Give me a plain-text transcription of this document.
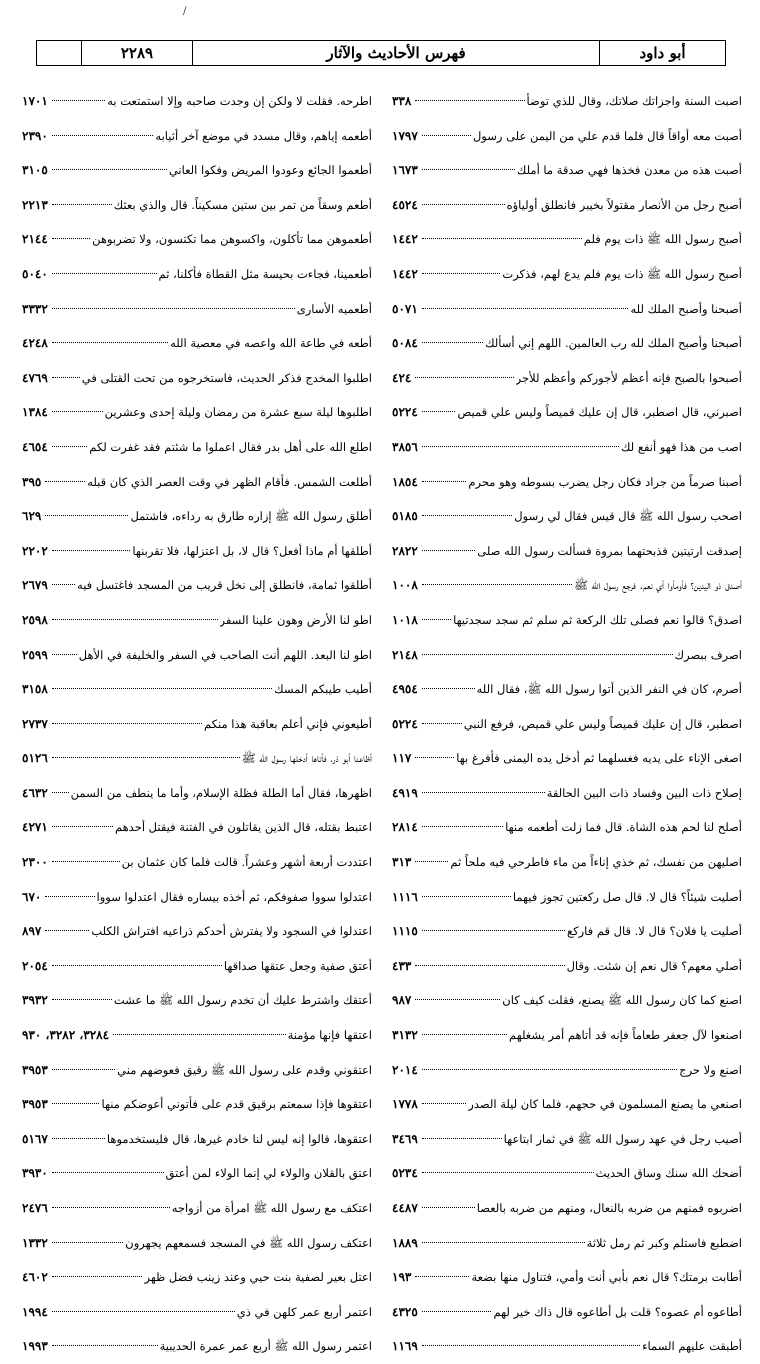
/
٢٢٨٩	فهرس الأحاديث والآثار	أبو داود
١٧٠١	اطرحه. فقلت لا ولكن إن وجدت صاحبه وإلا استمتعت به
٢٣٩٠	أطعمه إياهم، وقال مسدد في موضع آخر أثيابه
٣١٠٥	أطعموا الجائع وعودوا المريض وفكوا العاني
٢٢١٣	أطعم وسقاً من تمر بين ستين مسكيناً. قال والذي بعثك
٢١٤٤	أطعموهن مما تأكلون، واكسوهن مما تكتسون، ولا تضربوهن
٥٠٤٠	أطعمينا، فجاءت بحيسة مثل القطاة فأكلنا، ثم
٣٣٣٢	أطعميه الأسارى
٤٢٤٨	أطعه في طاعة الله واعصه في معصية الله
٤٧٦٩	اطلبوا المخدج فذكر الحديث، فاستخرجوه من تحت القتلى في
١٣٨٤	اطلبوها ليلة سبع عشرة من رمضان وليلة إحدى وعشرين
٤٦٥٤	اطلع الله على أهل بدر فقال اعملوا ما شئتم فقد غفرت لكم
٣٩٥	أطلعت الشمس. فأقام الظهر في وقت العصر الذي كان قبله
٦٢٩	أطلق رسول الله ﷺ إزاره طارق به رداءه، فاشتمل
٢٢٠٢	أطلقها أم ماذا أفعل؟ قال لا، بل اعتزلها، فلا تقربنها
٢٦٧٩	أطلقوا ثمامة، فانطلق إلى نخل قريب من المسجد فاغتسل فيه
٢٥٩٨	اطو لنا الأرض وهون علينا السفر
٢٥٩٩	اطو لنا البعد. اللهم أنت الصاحب في السفر والخليفة في الأهل
٣١٥٨	أطيب طيبكم المسك
٢٧٣٧	أطيعوني فإني أعلم بعاقبة هذا منكم
٥١٢٦	أظاعنا أبو ذر، فأتاها أدخلها رسول الله ﷺ
٤٦٣٢ اظهرها، فقال أما الطلة فظلة الإسلام، وأما ما ينطف من السمن
٤٢٧١	اعتبط بقتله، قال الذين يقاتلون في الفتنة فيقتل أحدهم
٢٣٠٠	اعتددت أربعة أشهر وعشراً. قالت فلما كان عثمان بن
٦٧٠	اعتدلوا سووا صفوفكم، ثم أخذه بيساره فقال اعتدلوا سووا
٨٩٧	اعتدلوا في السجود ولا يفترش أحدكم ذراعيه افتراش الكلب
٢٠٥٤	أعتق صفية وجعل عتقها صداقها
٣٩٣٢	أعتقك واشترط عليك أن تخدم رسول الله ﷺ ما عشت
٣٢٨٤، ٣٢٨٢، ٩٣٠	اعتقها فإنها مؤمنة
٣٩٥٣	اعتقوني وقدم على رسول الله ﷺ رقيق فعوضهم مني
٣٩٥٣	اعتقوها فإذا سمعتم برقيق قدم على فأتوني أعوضكم منها
٥١٦٧	اعتقوها، قالوا إنه ليس لنا خادم غيرها، قال فليستخدموها
٣٩٣٠	اعتق بالقلان والولاء لي إنما الولاء لمن أعتق
٢٤٧٦	اعتكف مع رسول الله ﷺ امرأة من أزواجه
١٣٣٢	اعتكف رسول الله ﷺ في المسجد فسمعهم يجهرون
٤٦٠٢	اعتل بعير لصفية بنت حيي وعند زينب فضل ظهر
١٩٩٤	اعتمر أربع عمر كلهن في ذي
١٩٩٣	اعتمر رسول الله ﷺ أربع عمر عمرة الحديبية
٣٣٨	اصبت السنة واجزاتك صلاتك، وقال للذي توضأ
١٧٩٧	أصبت معه أواقاً قال فلما قدم علي من اليمن على رسول
١٦٧٣	أصبت هذه من معدن فخذها فهي صدقة ما أملك
٤٥٢٤	أصبح رجل من الأنصار مقتولاً بخيبر فانطلق أولياؤه
١٤٤٢	أصبح رسول الله ﷺ ذات يوم فلم
١٤٤٢	أصبح رسول الله ﷺ ذات يوم فلم يدع لهم، فذكرت
٥٠٧١	أصبحنا وأصبح الملك لله
٥٠٨٤	أصبحنا وأصبح الملك لله رب العالمين. اللهم إني أسألك
٤٢٤	أصبحوا بالصبح فإنه أعظم لأجوركم وأعظم للأجر
٥٢٢٤	اصبرني، قال اصطبر، قال إن عليك قميصاً وليس علي قميص
٣٨٥٦	اصب من هذا فهو أنفع لك
١٨٥٤	أصبنا صرماً من جراد فكان رجل يضرب بسوطه وهو محرم
٥١٨٥	اصحب رسول الله ﷺ قال قيس فقال لي رسول
٢٨٢٢	إصدقت ارتيتين فذبحتهما بمروة فسألت رسول الله صلى
١٠٠٨	أصدق ذو اليدين؟ فأومأوا أي نعم. فرجع رسول الله ﷺ
١٠١٨	اصدق؟ قالوا نعم فصلى تلك الركعة ثم سلم ثم سجد سجدتيها
٢١٤٨	اصرف ببصرك
٤٩٥٤	أصرم، كان في النفر الذين أتوا رسول الله ﷺ، فقال الله
٥٢٢٤	اصطبر، قال إن عليك قميصاً وليس علي قميص، فرفع النبي
١١٧	اصغى الإناء على يديه فغسلهما ثم أدخل يده اليمنى فأفرغ بها
٤٩١٩	إصلاح ذات البين وفساد ذات البين الحالقة
٢٨١٤	أصلح لنا لحم هذه الشاة. قال فما زلت أطعمه منها
٣١٣	اصليهن من نفسك، ثم خذي إناءاً من ماء فاطرحي فيه ملحاً ثم
١١١٦	أصليت شيئاً؟ قال لا. قال صل ركعتين تجوز فيهما
١١١٥	أصليت يا فلان؟ قال لا. قال قم فاركع
٤٣٣	أصلي معهم؟ قال نعم إن شئت. وقال
٩٨٧	اصنع كما كان رسول الله ﷺ يصنع، فقلت كيف كان
٣١٣٢	اصنعوا لآل جعفر طعاماً فإنه قد أتاهم أمر يشغلهم
٢٠١٤	اصنع ولا حرج
١٧٧٨	اصنعي ما يصنع المسلمون في حجهم، فلما كان ليلة الصدر
٣٤٦٩	أصيب رجل في عهد رسول الله ﷺ في ثمار ابتاعها
٥٢٣٤	أضحك الله سنك وساق الحديث
٤٤٨٧	اضربوه فمنهم من ضربه بالنعال، ومنهم من ضربه بالعصا
١٨٨٩	اضطبع فاستلم وكبر ثم رمل ثلاثة
١٩٣	أطابت برمتك؟ قال نعم بأبي أنت وأمي، فتناول منها بضعة
٤٣٢٥	أطاعوه أم عصوه؟ قلت بل أطاعوه قال ذاك خير لهم
١١٦٩	أطبقت عليهم السماء
